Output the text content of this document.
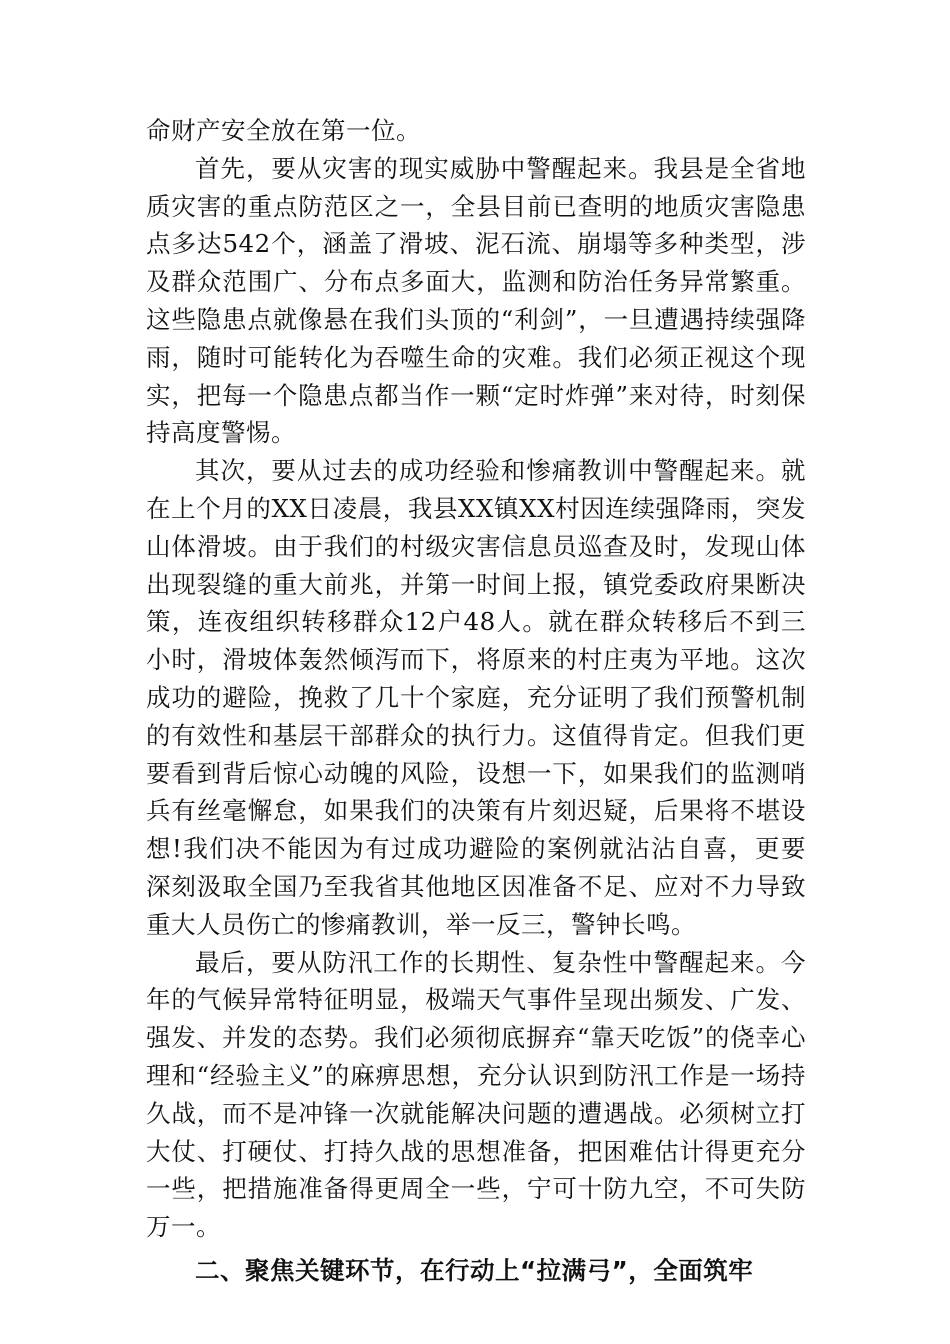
命财产安全放在第一位。

首先，要从灾害的现实威胁中警醒起来。我县是全省地质灾害的重点防范区之一，全县目前已查明的地质灾害隐患点多达542个，涵盖了滑坡、泥石流、崩塌等多种类型，涉及群众范围广、分布点多面大，监测和防治任务异常繁重。这些隐患点就像悬在我们头顶的“利剑”，一旦遭遇持续强降雨，随时可能转化为吞噬生命的灾难。我们必须正视这个现实，把每一个隐患点都当作一颗“定时炸弹”来对待，时刻保持高度警惕。

其次，要从过去的成功经验和惨痛教训中警醒起来。就在上个月的XX日凌晨，我县XX镇XX村因连续强降雨，突发山体滑坡。由于我们的村级灾害信息员巡查及时，发现山体出现裂缝的重大前兆，并第一时间上报，镇党委政府果断决策，连夜组织转移群众12户48人。就在群众转移后不到三小时，滑坡体轰然倾泻而下，将原来的村庄夷为平地。这次成功的避险，挽救了几十个家庭，充分证明了我们预警机制的有效性和基层干部群众的执行力。这值得肯定。但我们更要看到背后惊心动魄的风险，设想一下，如果我们的监测哨兵有丝毫懈怠，如果我们的决策有片刻迟疑，后果将不堪设想!我们决不能因为有过成功避险的案例就沾沾自喜，更要深刻汲取全国乃至我省其他地区因准备不足、应对不力导致重大人员伤亡的惨痛教训，举一反三，警钟长鸣。

最后，要从防汛工作的长期性、复杂性中警醒起来。今年的气候异常特征明显，极端天气事件呈现出频发、广发、强发、并发的态势。我们必须彻底摒弃“靠天吃饭”的侥幸心理和“经验主义”的麻痹思想，充分认识到防汛工作是一场持久战，而不是冲锋一次就能解决问题的遭遇战。必须树立打大仗、打硬仗、打持久战的思想准备，把困难估计得更充分一些，把措施准备得更周全一些，宁可十防九空，不可失防万一。

二、聚焦关键环节，在行动上“拉满弓”，全面筑牢
